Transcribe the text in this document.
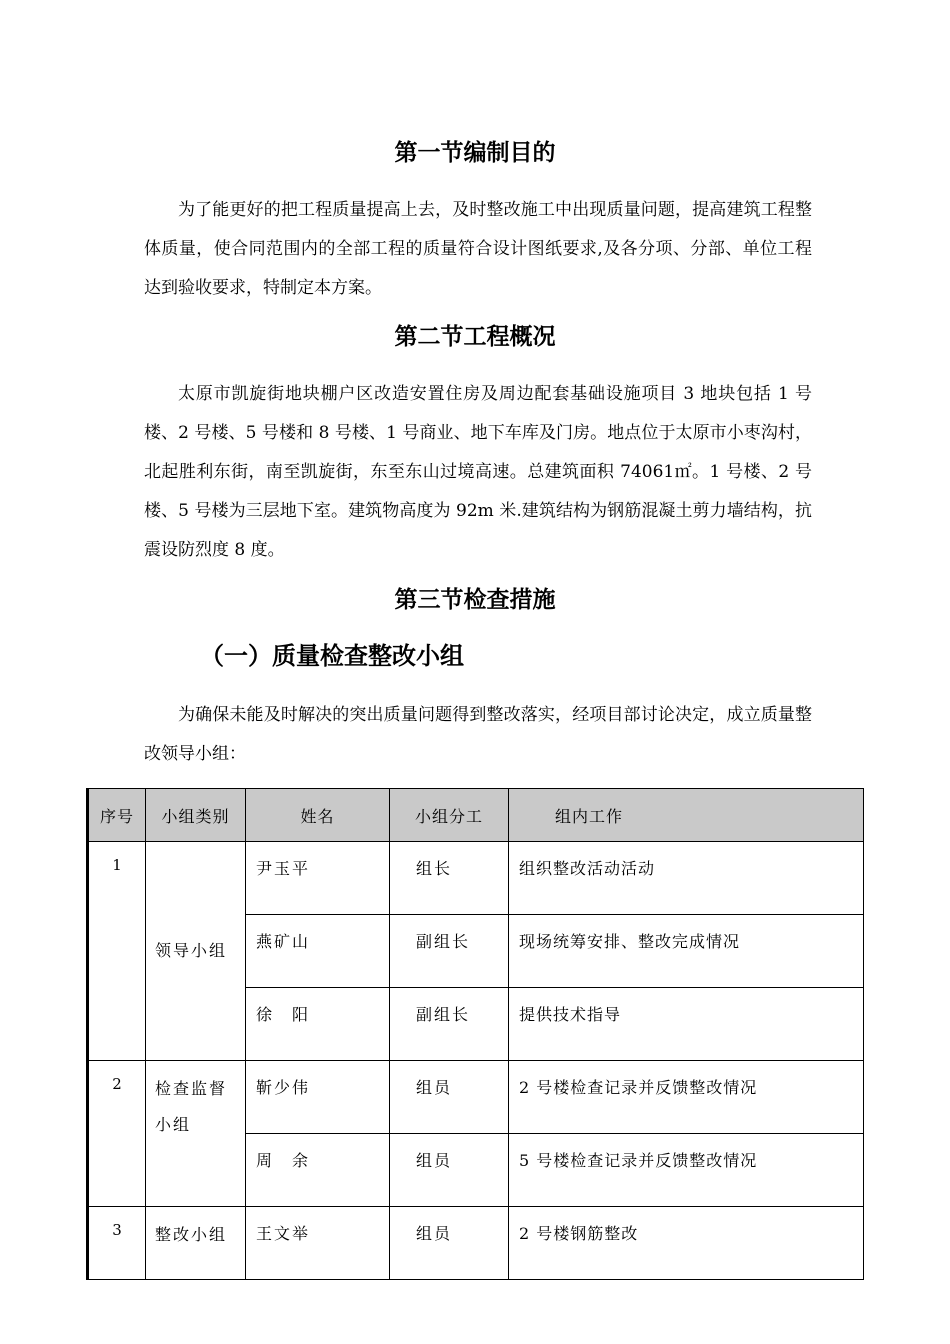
第一节编制目的

为了能更好的把工程质量提高上去，及时整改施工中出现质量问题，提高建筑工程整体质量，使合同范围内的全部工程的质量符合设计图纸要求,及各分项、分部、单位工程达到验收要求，特制定本方案。

第二节工程概况

太原市凯旋街地块棚户区改造安置住房及周边配套基础设施项目 3 地块包括 1 号楼、2 号楼、5 号楼和 8 号楼、1 号商业、地下车库及门房。地点位于太原市小枣沟村，北起胜利东街，南至凯旋街，东至东山过境高速。总建筑面积 74061㎡。1 号楼、2 号楼、5 号楼为三层地下室。建筑物高度为 92m 米.建筑结构为钢筋混凝土剪力墙结构，抗震设防烈度 8 度。

第三节检查措施
（一）质量检查整改小组

为确保未能及时解决的突出质量问题得到整改落实，经项目部讨论决定，成立质量整改领导小组：

序号	小组类别	姓名	小组分工	组内工作
1	领导小组	尹玉平	组长	组织整改活动活动
		燕矿山	副组长	现场统筹安排、整改完成情况
		徐　阳	副组长	提供技术指导
2	检查监督小组	靳少伟	组员	2 号楼检查记录并反馈整改情况
		周　余	组员	5 号楼检查记录并反馈整改情况
3	整改小组	王文举	组员	2 号楼钢筋整改
